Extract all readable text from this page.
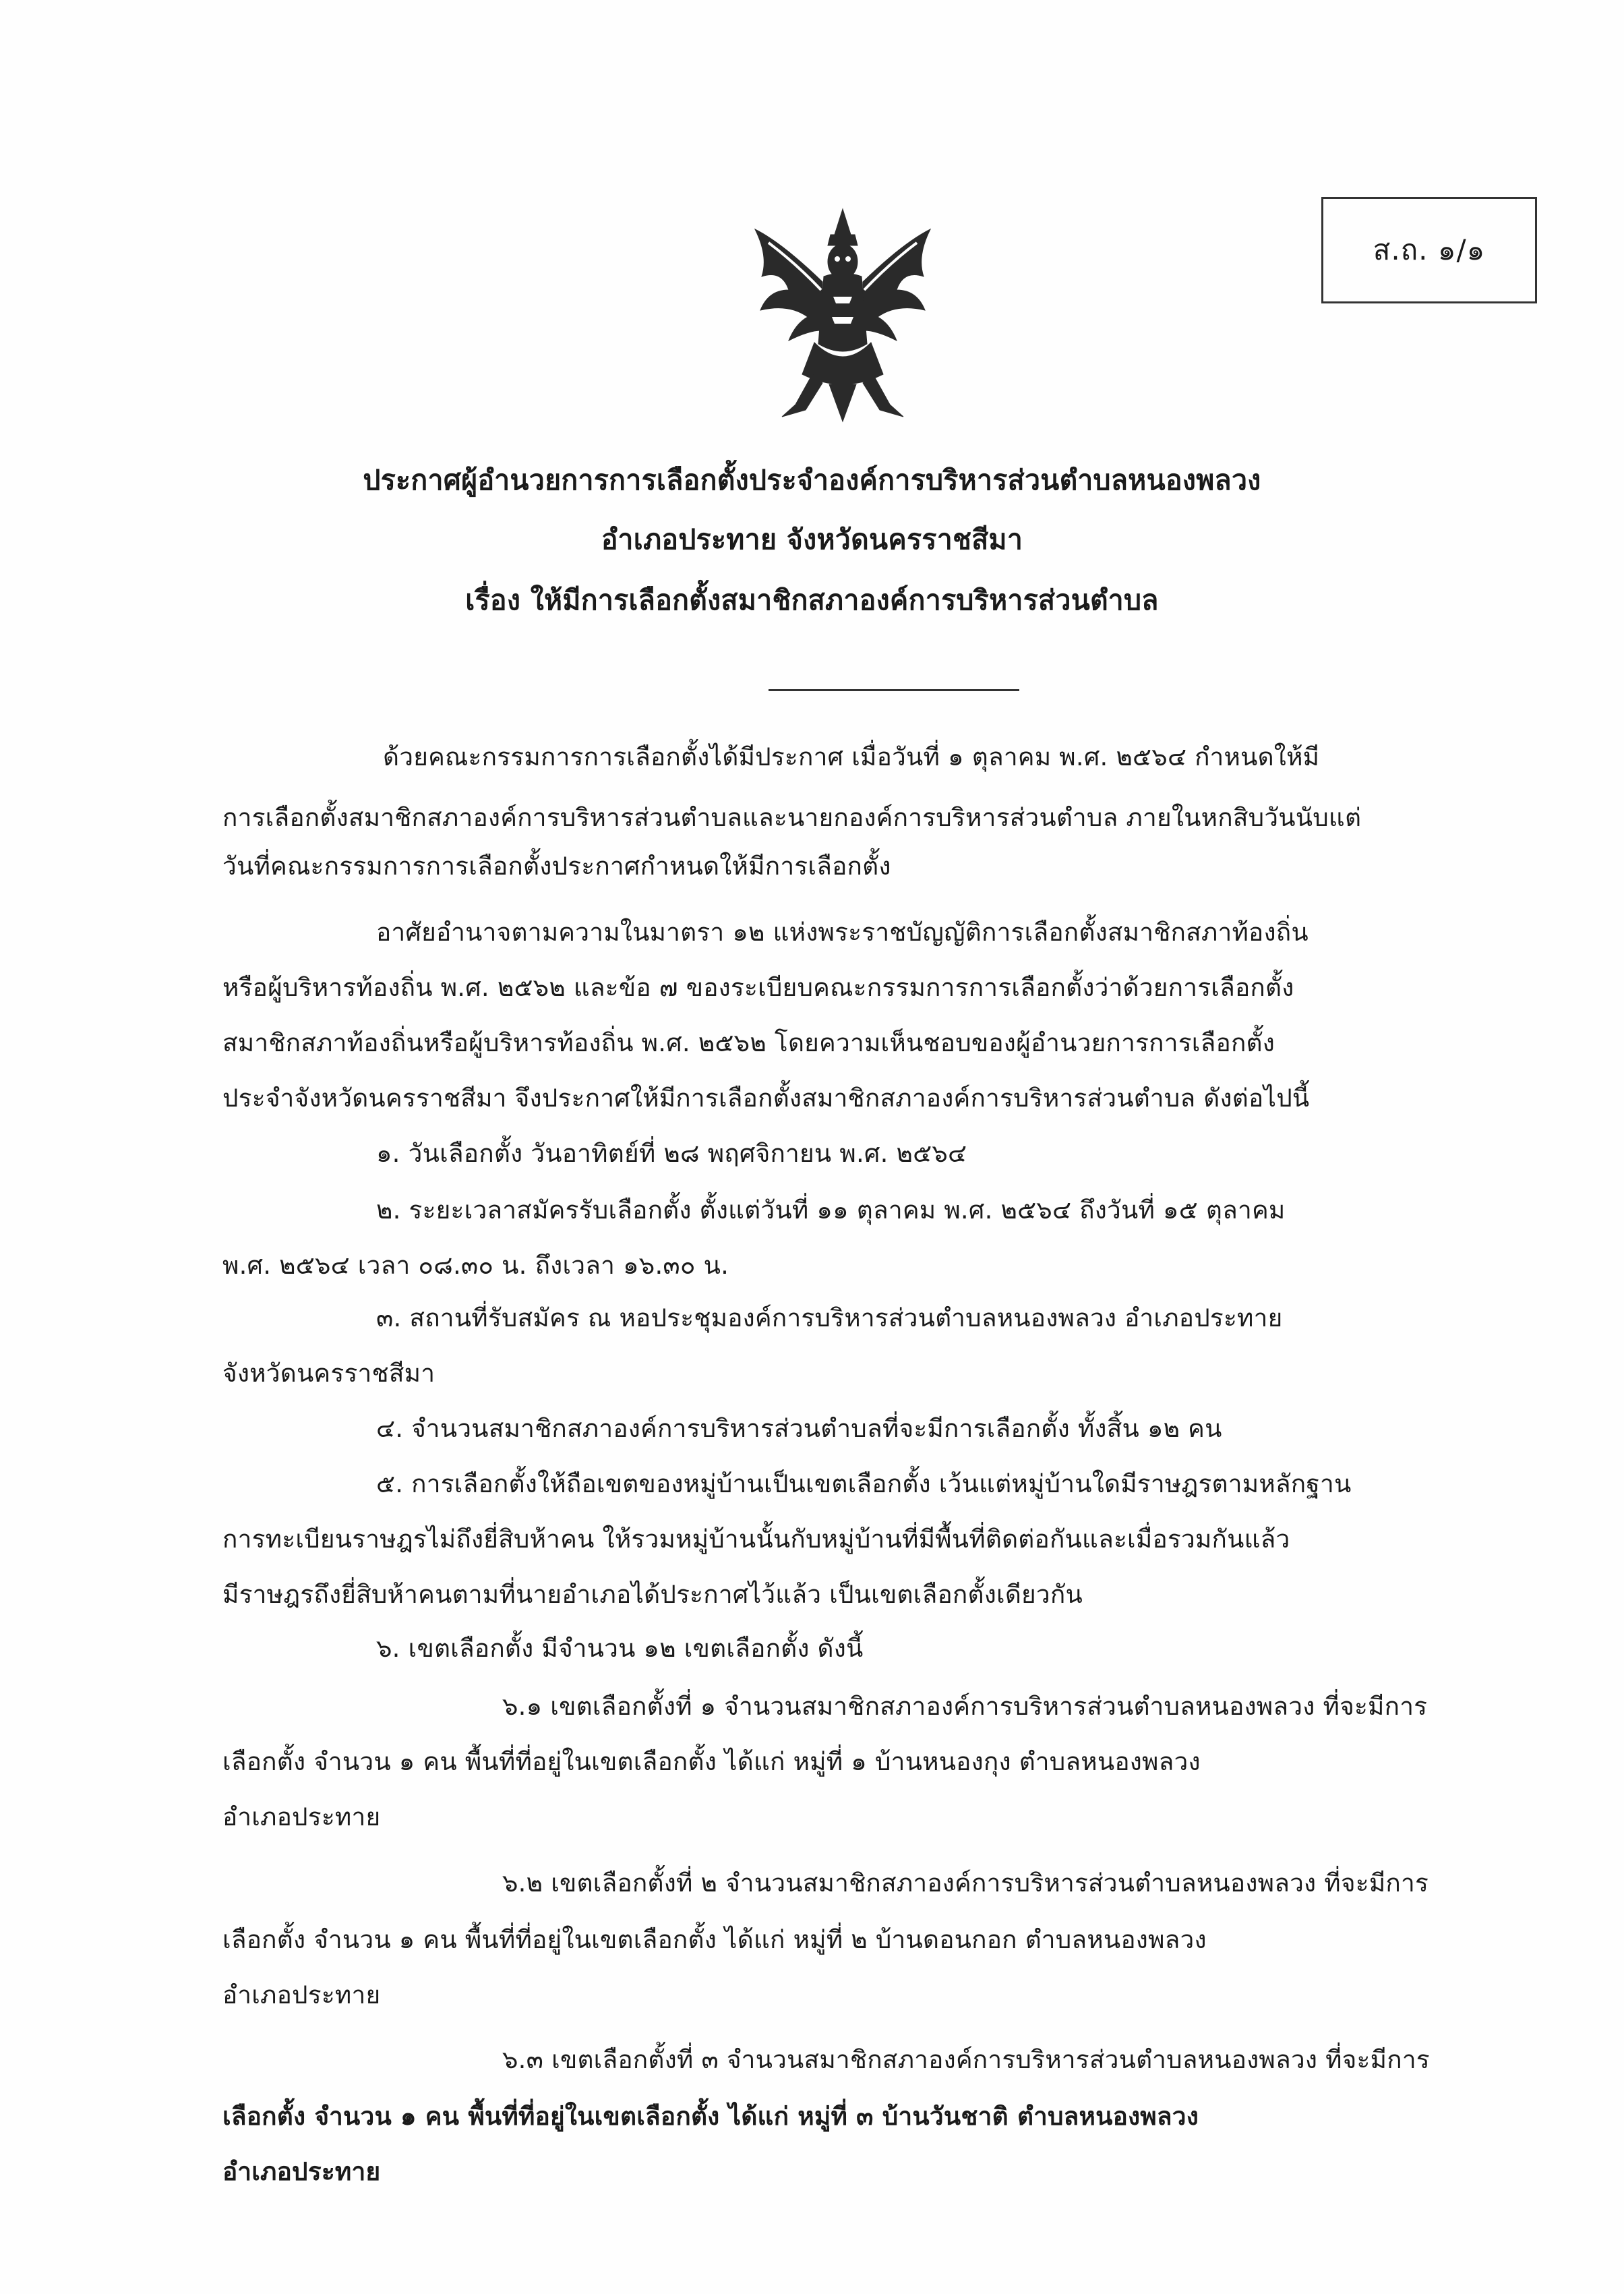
ส.ถ. ๑/๑
ประกาศผู้อำนวยการการเลือกตั้งประจำองค์การบริหารส่วนตำบลหนองพลวง
อำเภอประทาย จังหวัดนครราชสีมา
เรื่อง ให้มีการเลือกตั้งสมาชิกสภาองค์การบริหารส่วนตำบล
ด้วยคณะกรรมการการเลือกตั้งได้มีประกาศ เมื่อวันที่ ๑ ตุลาคม พ.ศ. ๒๕๖๔ กำหนดให้มี
การเลือกตั้งสมาชิกสภาองค์การบริหารส่วนตำบลและนายกองค์การบริหารส่วนตำบล ภายในหกสิบวันนับแต่
วันที่คณะกรรมการการเลือกตั้งประกาศกำหนดให้มีการเลือกตั้ง
อาศัยอำนาจตามความในมาตรา ๑๒ แห่งพระราชบัญญัติการเลือกตั้งสมาชิกสภาท้องถิ่น
หรือผู้บริหารท้องถิ่น พ.ศ. ๒๕๖๒ และข้อ ๗ ของระเบียบคณะกรรมการการเลือกตั้งว่าด้วยการเลือกตั้ง
สมาชิกสภาท้องถิ่นหรือผู้บริหารท้องถิ่น พ.ศ. ๒๕๖๒ โดยความเห็นชอบของผู้อำนวยการการเลือกตั้ง
ประจำจังหวัดนครราชสีมา จึงประกาศให้มีการเลือกตั้งสมาชิกสภาองค์การบริหารส่วนตำบล ดังต่อไปนี้
๑. วันเลือกตั้ง วันอาทิตย์ที่ ๒๘ พฤศจิกายน พ.ศ. ๒๕๖๔
๒. ระยะเวลาสมัครรับเลือกตั้ง ตั้งแต่วันที่ ๑๑ ตุลาคม พ.ศ. ๒๕๖๔ ถึงวันที่ ๑๕ ตุลาคม
พ.ศ. ๒๕๖๔ เวลา ๐๘.๓๐ น. ถึงเวลา ๑๖.๓๐ น.
๓. สถานที่รับสมัคร ณ หอประชุมองค์การบริหารส่วนตำบลหนองพลวง อำเภอประทาย
จังหวัดนครราชสีมา
๔. จำนวนสมาชิกสภาองค์การบริหารส่วนตำบลที่จะมีการเลือกตั้ง ทั้งสิ้น ๑๒ คน
๕. การเลือกตั้งให้ถือเขตของหมู่บ้านเป็นเขตเลือกตั้ง เว้นแต่หมู่บ้านใดมีราษฎรตามหลักฐาน
การทะเบียนราษฎรไม่ถึงยี่สิบห้าคน ให้รวมหมู่บ้านนั้นกับหมู่บ้านที่มีพื้นที่ติดต่อกันและเมื่อรวมกันแล้ว
มีราษฎรถึงยี่สิบห้าคนตามที่นายอำเภอได้ประกาศไว้แล้ว เป็นเขตเลือกตั้งเดียวกัน
๖. เขตเลือกตั้ง มีจำนวน ๑๒ เขตเลือกตั้ง ดังนี้
๖.๑ เขตเลือกตั้งที่ ๑ จำนวนสมาชิกสภาองค์การบริหารส่วนตำบลหนองพลวง ที่จะมีการ
เลือกตั้ง จำนวน ๑ คน พื้นที่ที่อยู่ในเขตเลือกตั้ง ได้แก่ หมู่ที่ ๑ บ้านหนองกุง ตำบลหนองพลวง
อำเภอประทาย
๖.๒ เขตเลือกตั้งที่ ๒ จำนวนสมาชิกสภาองค์การบริหารส่วนตำบลหนองพลวง ที่จะมีการ
เลือกตั้ง จำนวน ๑ คน พื้นที่ที่อยู่ในเขตเลือกตั้ง ได้แก่ หมู่ที่ ๒ บ้านดอนกอก ตำบลหนองพลวง
อำเภอประทาย
๖.๓ เขตเลือกตั้งที่ ๓ จำนวนสมาชิกสภาองค์การบริหารส่วนตำบลหนองพลวง ที่จะมีการ
เลือกตั้ง จำนวน ๑ คน พื้นที่ที่อยู่ในเขตเลือกตั้ง ได้แก่ หมู่ที่ ๓ บ้านวันชาติ ตำบลหนองพลวง
อำเภอประทาย
